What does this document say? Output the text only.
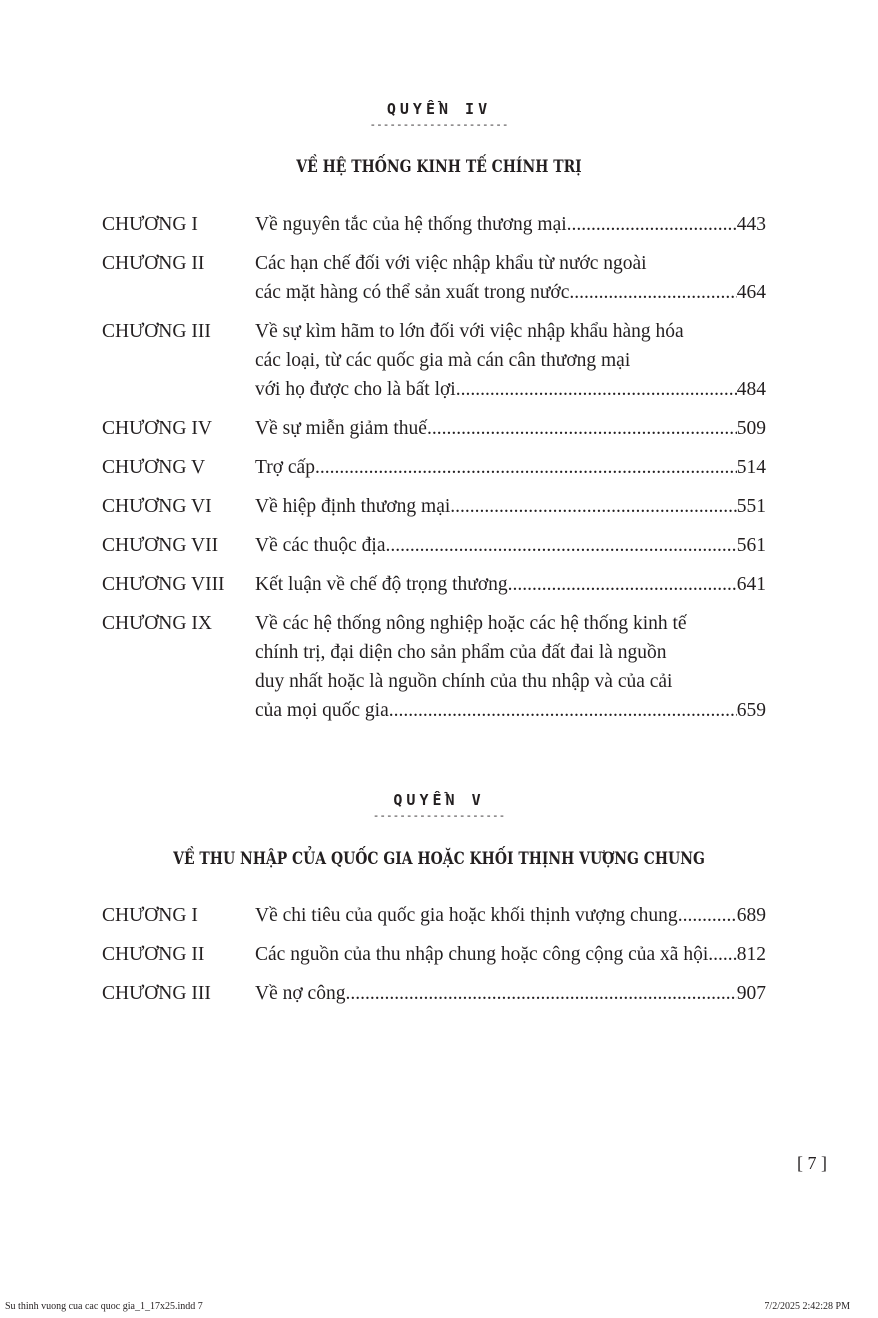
QUYỂN IV
---------------------
VỀ HỆ THỐNG KINH TẾ CHÍNH TRỊ
CHƯƠNG I	Về nguyên tắc của hệ thống thương mại .....	443
CHƯƠNG II	Các hạn chế đối với việc nhập khẩu từ nước ngoài
các mặt hàng có thể sản xuất trong nước .....	464
CHƯƠNG III	Về sự kìm hãm to lớn đối với việc nhập khẩu hàng hóa
các loại, từ các quốc gia mà cán cân thương mại
với họ được cho là bất lợi .....	484
CHƯƠNG IV	Về sự miễn giảm thuế .....	509
CHƯƠNG V	Trợ cấp .....	514
CHƯƠNG VI	Về hiệp định thương mại .....	551
CHƯƠNG VII	Về các thuộc địa .....	561
CHƯƠNG VIII	Kết luận về chế độ trọng thương .....	641
CHƯƠNG IX	Về các hệ thống nông nghiệp hoặc các hệ thống kinh tế
chính trị, đại diện cho sản phẩm của đất đai là nguồn
duy nhất hoặc là nguồn chính của thu nhập và của cải
của mọi quốc gia .....	659
QUYỂN V
--------------------
VỀ THU NHẬP CỦA QUỐC GIA HOẶC KHỐI THỊNH VƯỢNG CHUNG
CHƯƠNG I	Về chi tiêu của quốc gia hoặc khối thịnh vượng chung .....	689
CHƯƠNG II	Các nguồn của thu nhập chung hoặc công cộng của xã hội ..... 812
CHƯƠNG III	Về nợ công .....	907
[ 7 ]
Su thinh vuong cua cac quoc gia_1_17x25.indd 7	7/2/2025 2:42:28 PM
